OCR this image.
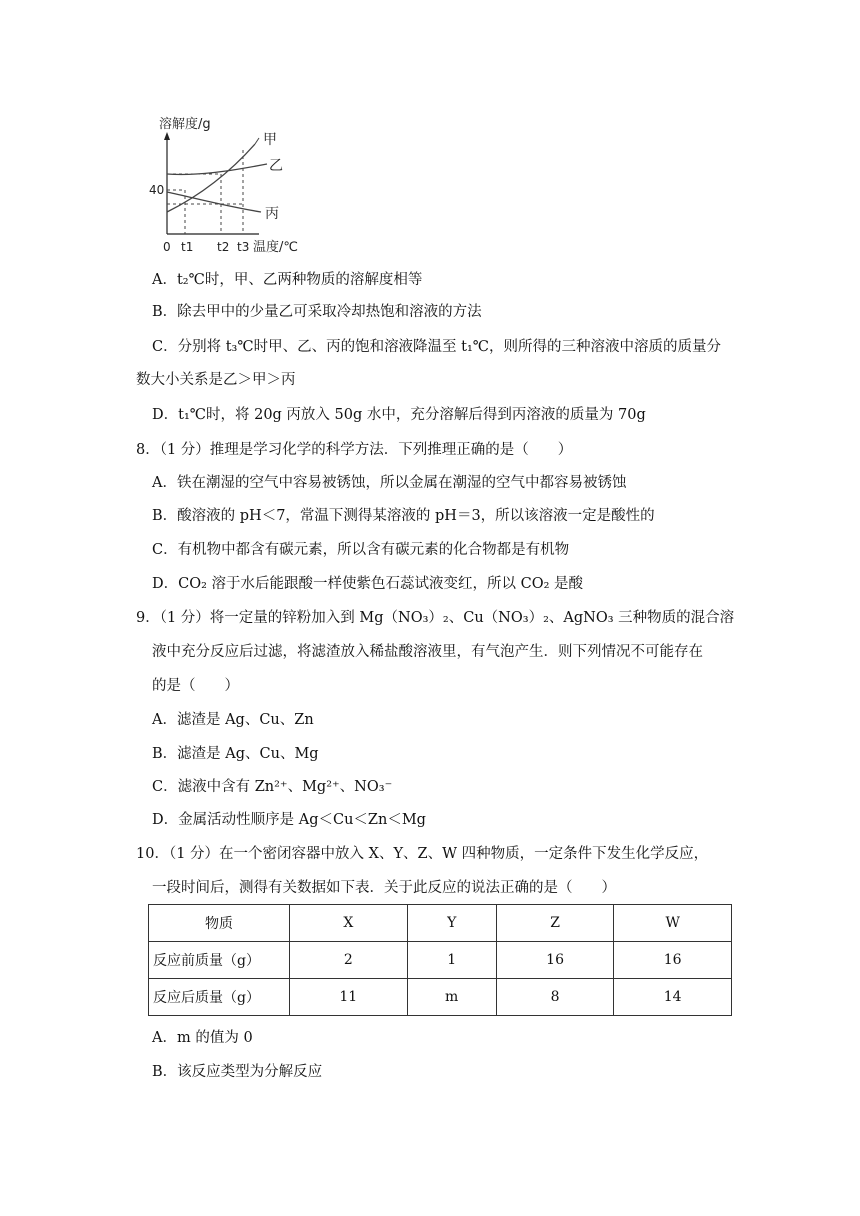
溶解度/g
40
0 t1 t2 t3 温度/℃
甲
乙
丙
A．t₂℃时，甲、乙两种物质的溶解度相等
B．除去甲中的少量乙可采取冷却热饱和溶液的方法
C．分别将 t₃℃时甲、乙、丙的饱和溶液降温至 t₁℃，则所得的三种溶液中溶质的质量分
数大小关系是乙＞甲＞丙
D．t₁℃时，将 20g 丙放入 50g 水中，充分溶解后得到丙溶液的质量为 70g
8．（1 分）推理是学习化学的科学方法．下列推理正确的是（　　）
A．铁在潮湿的空气中容易被锈蚀，所以金属在潮湿的空气中都容易被锈蚀
B．酸溶液的 pH＜7，常温下测得某溶液的 pH＝3，所以该溶液一定是酸性的
C．有机物中都含有碳元素，所以含有碳元素的化合物都是有机物
D．CO₂ 溶于水后能跟酸一样使紫色石蕊试液变红，所以 CO₂ 是酸
9．（1 分）将一定量的锌粉加入到 Mg（NO₃）₂、Cu（NO₃）₂、AgNO₃ 三种物质的混合溶
液中充分反应后过滤，将滤渣放入稀盐酸溶液里，有气泡产生．则下列情况不可能存在
的是（　　）
A．滤渣是 Ag、Cu、Zn
B．滤渣是 Ag、Cu、Mg
C．滤液中含有 Zn²⁺、Mg²⁺、NO₃⁻
D．金属活动性顺序是 Ag＜Cu＜Zn＜Mg
10．（1 分）在一个密闭容器中放入 X、Y、Z、W 四种物质，一定条件下发生化学反应，
一段时间后，测得有关数据如下表．关于此反应的说法正确的是（　　）
物质	X	Y	Z	W
反应前质量（g）	2	1	16	16
反应后质量（g）	11	m	8	14
A．m 的值为 0
B．该反应类型为分解反应
